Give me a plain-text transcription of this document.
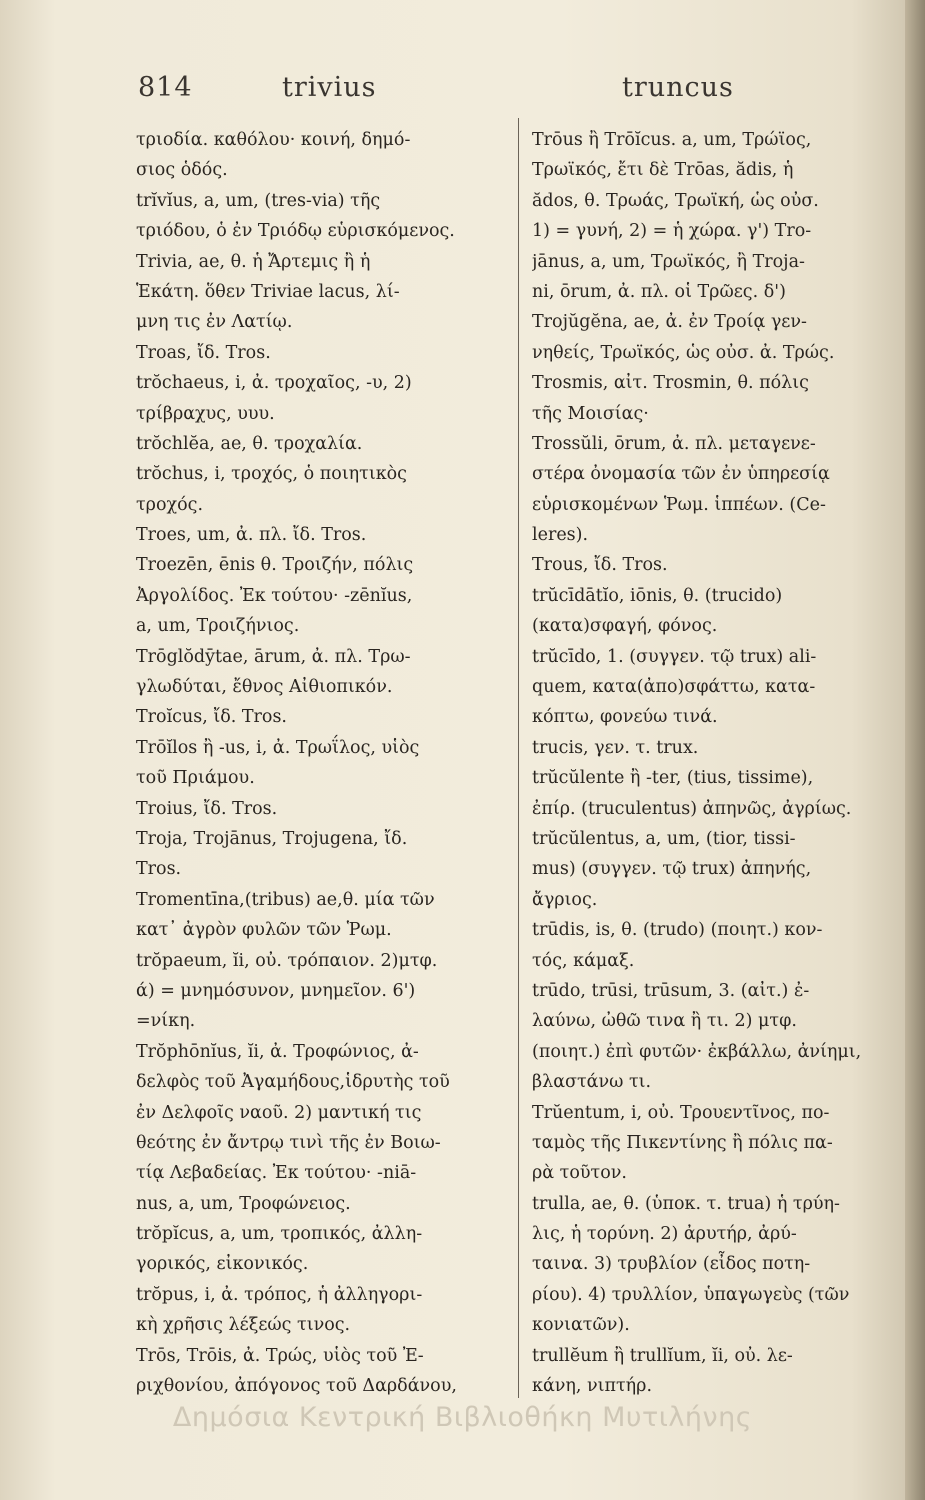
814	trivius	truncus
τριοδία. καθόλου· κοινή, δημό-
σιος ὁδός.
trĭvĭus, a, um, (tres-via) τῆς
τριόδου, ὁ ἐν Τριόδῳ εὑρισκόμενος.
Trivia, ae, θ. ἡ Ἄρτεμις ἢ ἡ
Ἑκάτη. ὅθεν Triviae lacus, λί-
μνη τις ἐν Λατίῳ.
Troas, ἴδ. Tros.
trŏchaeus, i, ἀ. τροχαῖος, -υ, 2)
τρίβραχυς, υυυ.
trŏchlĕa, ae, θ. τροχαλία.
trŏchus, i, τροχός, ὁ ποιητικὸς
τροχός.
Troes, um, ἀ. πλ. ἴδ. Tros.
Troezēn, ēnis θ. Τροιζήν, πόλις
Ἀργολίδος. Ἐκ τούτου· -zēnĭus,
a, um, Τροιζήνιος.
Trōglŏdȳtae, ārum, ἀ. πλ. Τρω-
γλωδύται, ἔθνος Αἰθιοπικόν.
Troĭcus, ἴδ. Tros.
Trōĭlos ἢ -us, i, ἀ. Τρωΐλος, υἱὸς
τοῦ Πριάμου.
Troius, ἴδ. Tros.
Troja, Trojānus, Trojugena, ἴδ.
Tros.
Tromentīna,(tribus) ae,θ. μία τῶν
κατ᾽ ἀγρὸν φυλῶν τῶν Ῥωμ.
trŏpaeum, ĭi, οὐ. τρόπαιον. 2)μτφ.
ά) = μνημόσυνον, μνημεῖον. 6')
=νίκη.
Trŏphōnĭus, ĭi, ἀ. Τροφώνιος, ἀ-
δελφὸς τοῦ Ἀγαμήδους,ἱδρυτὴς τοῦ
ἐν Δελφοῖς ναοῦ. 2) μαντική τις
θεότης ἐν ἄντρῳ τινὶ τῆς ἐν Βοιω-
τίᾳ Λεβαδείας. Ἐκ τούτου· -niā-
nus, a, um, Τροφώνειος.
trŏpĭcus, a, um, τροπικός, ἀλλη-
γορικός, εἰκονικός.
trŏpus, i, ἀ. τρόπος, ἡ ἀλληγορι-
κὴ χρῆσις λέξεώς τινος.
Trōs, Trōis, ἀ. Τρώς, υἱὸς τοῦ Ἐ-
ριχθονίου, ἀπόγονος τοῦ Δαρδάνου,
Trōus ἢ Trōĭcus. a, um, Τρώϊος,
Τρωϊκός, ἔτι δὲ Trōas, ădis, ἡ
ădos, θ. Τρωάς, Τρωϊκή, ὡς οὐσ.
1) = γυνή, 2) = ἡ χώρα. γ') Tro-
jānus, a, um, Τρωϊκός, ἢ Troja-
ni, ōrum, ἀ. πλ. οἱ Τρῶες. δ')
Trojŭgĕna, ae, ἀ. ἐν Τροίᾳ γεν-
νηθείς, Τρωϊκός, ὡς οὐσ. ἀ. Τρώς.
Trosmis, αἰτ. Trosmin, θ. πόλις
τῆς Μοισίας·
Trossŭli, ōrum, ἀ. πλ. μεταγενε-
στέρα ὀνομασία τῶν ἐν ὑπηρεσίᾳ
εὑρισκομένων Ῥωμ. ἱππέων. (Ce-
leres).
Trous, ἴδ. Tros.
trŭcīdātĭo, iōnis, θ. (trucido)
(κατα)σφαγή, φόνος.
trŭcīdo, 1. (συγγεν. τῷ trux) ali-
quem, κατα(ἀπο)σφάττω, κατα-
κόπτω, φονεύω τινά.
trucis, γεν. τ. trux.
trŭcŭlente ἢ -ter, (tius, tissime),
ἐπίρ. (truculentus) ἀπηνῶς, ἀγρίως.
trŭcŭlentus, a, um, (tior, tissi-
mus) (συγγεν. τῷ trux) ἀπηνής,
ἄγριος.
trūdis, is, θ. (trudo) (ποιητ.) κον-
τός, κάμαξ.
trūdo, trūsi, trūsum, 3. (αἰτ.) ἐ-
λαύνω, ὠθῶ τινα ἢ τι. 2) μτφ.
(ποιητ.) ἐπὶ φυτῶν· ἐκβάλλω, ἀνίημι,
βλαστάνω τι.
Trŭentum, i, οὐ. Τρουεντῖνος, πο-
ταμὸς τῆς Πικεντίνης ἢ πόλις πα-
ρὰ τοῦτον.
trulla, ae, θ. (ὑποκ. τ. trua) ἡ τρύη-
λις, ἡ τορύνη. 2) ἀρυτήρ, ἀρύ-
ταινα. 3) τρυβλίον (εἶδος ποτη-
ρίου). 4) τρυλλίον, ὑπαγωγεὺς (τῶν
κονιατῶν).
trullĕum ἢ trullĭum, ĭi, οὐ. λε-
κάνη, νιπτήρ.
Δημόσια Κεντρική Βιβλιοθήκη Μυτιλήνης
